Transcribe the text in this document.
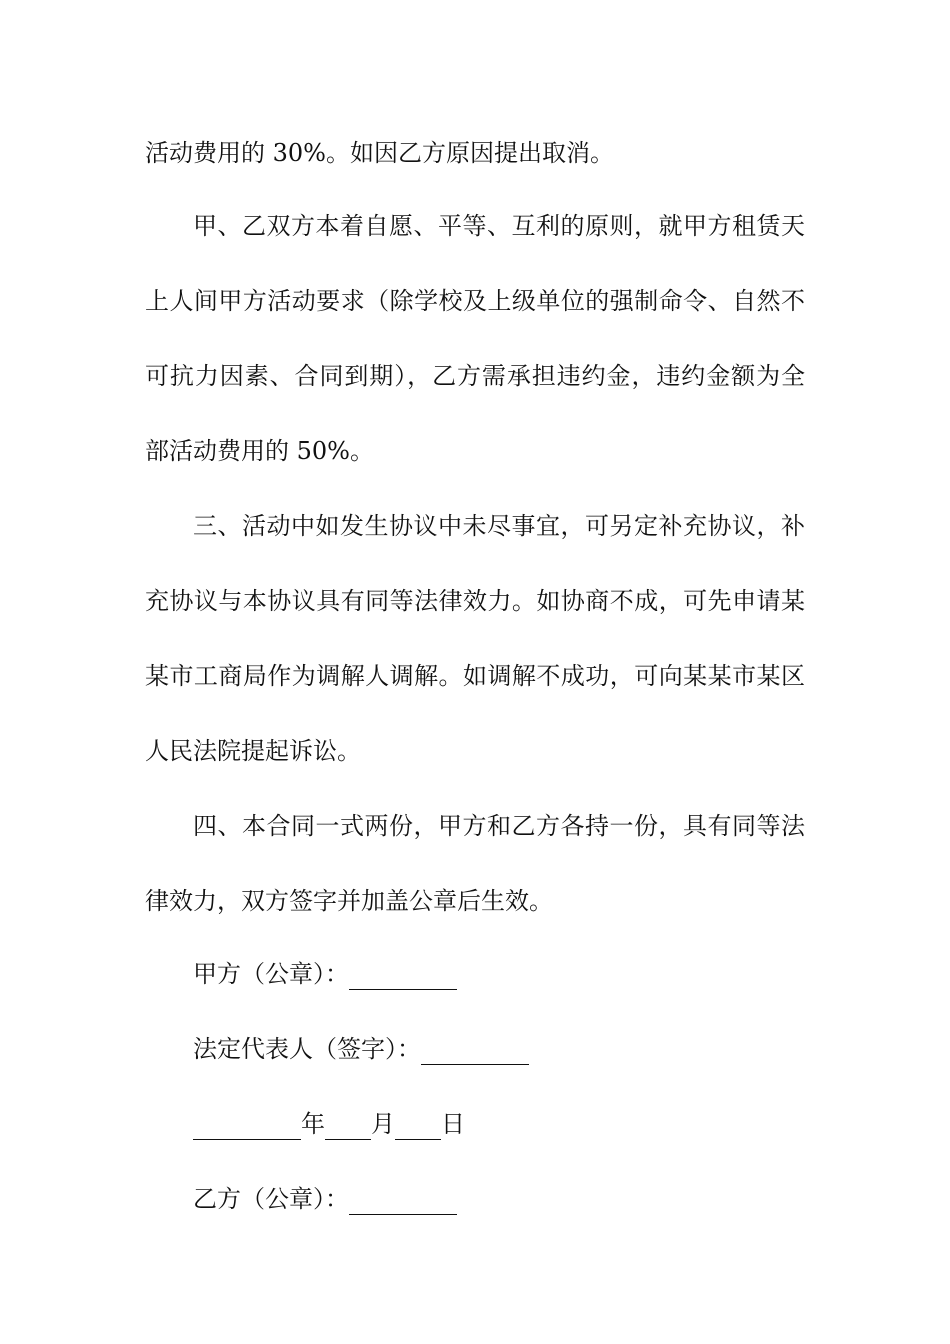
活动费用的 30%。如因乙方原因提出取消。
甲、乙双方本着自愿、平等、互利的原则，就甲方租赁天
上人间甲方活动要求（除学校及上级单位的强制命令、自然不
可抗力因素、合同到期），乙方需承担违约金，违约金额为全
部活动费用的 50%。
三、活动中如发生协议中未尽事宜，可另定补充协议，补
充协议与本协议具有同等法律效力。如协商不成，可先申请某
某市工商局作为调解人调解。如调解不成功，可向某某市某区
人民法院提起诉讼。
四、本合同一式两份，甲方和乙方各持一份，具有同等法
律效力，双方签字并加盖公章后生效。
甲方（公章）：
法定代表人（签字）：
年 月 日
乙方（公章）：
